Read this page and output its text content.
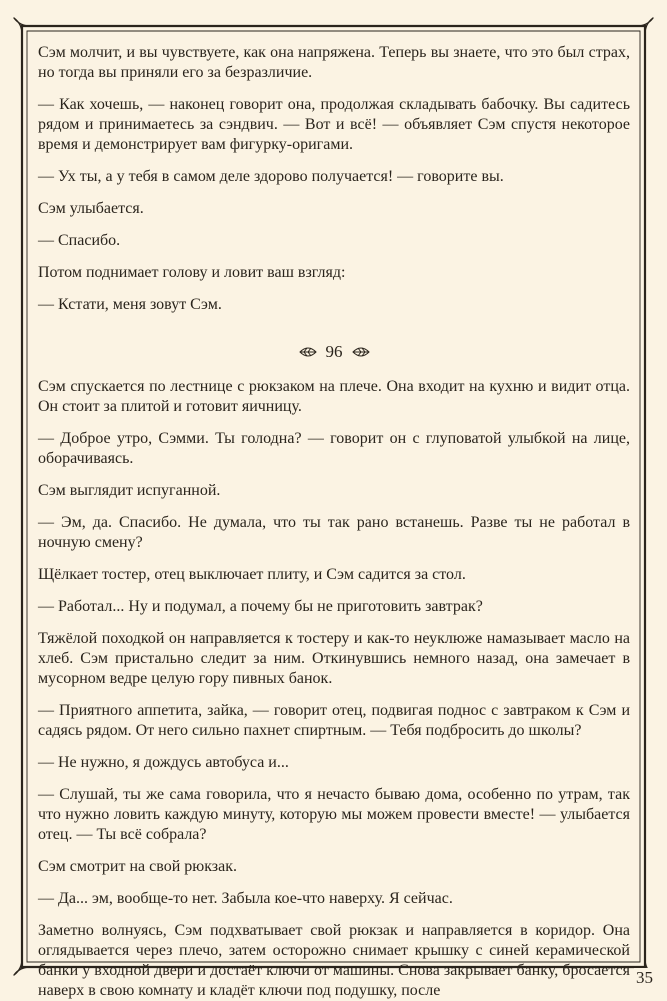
Сэм молчит, и вы чувствуете, как она напряжена. Теперь вы знаете, что это был страх, но тогда вы приняли его за безразличие.

— Как хочешь, — наконец говорит она, продолжая складывать бабочку. Вы садитесь рядом и принимаетесь за сэндвич. — Вот и всё! — объявляет Сэм спустя некоторое время и демонстрирует вам фигурку-оригами.

— Ух ты, а у тебя в самом деле здорово получается! — говорите вы.

Сэм улыбается.

— Спасибо.

Потом поднимает голову и ловит ваш взгляд:

— Кстати, меня зовут Сэм.

96

Сэм спускается по лестнице с рюкзаком на плече. Она входит на кухню и видит отца. Он стоит за плитой и готовит яичницу.

— Доброе утро, Сэмми. Ты голодна? — говорит он с глуповатой улыбкой на лице, оборачиваясь.

Сэм выглядит испуганной.

— Эм, да. Спасибо. Не думала, что ты так рано встанешь. Разве ты не работал в ночную смену?

Щёлкает тостер, отец выключает плиту, и Сэм садится за стол.

— Работал... Ну и подумал, а почему бы не приготовить завтрак?

Тяжёлой походкой он направляется к тостеру и как-то неуклюже намазывает масло на хлеб. Сэм пристально следит за ним. Откинувшись немного назад, она замечает в мусорном ведре целую гору пивных банок.

— Приятного аппетита, зайка, — говорит отец, подвигая поднос с завтраком к Сэм и садясь рядом. От него сильно пахнет спиртным. — Тебя подбросить до школы?

— Не нужно, я дождусь автобуса и...

— Слушай, ты же сама говорила, что я нечасто бываю дома, особенно по утрам, так что нужно ловить каждую минуту, которую мы можем провести вместе! — улыбается отец. — Ты всё собрала?

Сэм смотрит на свой рюкзак.

— Да... эм, вообще-то нет. Забыла кое-что наверху. Я сейчас.

Заметно волнуясь, Сэм подхватывает свой рюкзак и направляется в коридор. Она оглядывается через плечо, затем осторожно снимает крышку с синей керамической банки у входной двери и достаёт ключи от машины. Снова закрывает банку, бросается наверх в свою комнату и кладёт ключи под подушку, после

35
